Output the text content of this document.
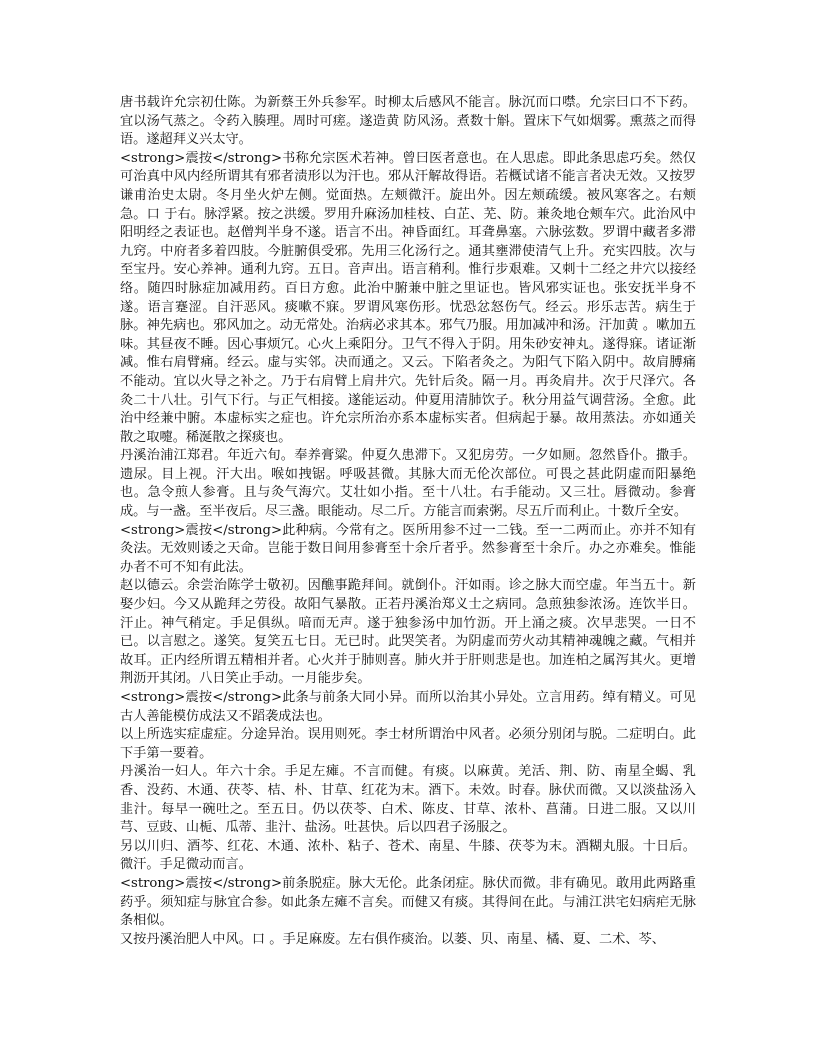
唐书载许允宗初仕陈。为新蔡王外兵参军。时柳太后感风不能言。脉沉而口噤。允宗曰口不下药。宜以汤气蒸之。令药入腠理。周时可瘥。遂造黄 防风汤。煮数十斛。置床下气如烟雾。熏蒸之而得语。遂超拜义兴太守。

<strong>震按</strong>书称允宗医术若神。曾曰医者意也。在人思虑。即此条思虑巧矣。然仅可治真中风内经所谓其有邪者渍形以为汗也。邪从汗解故得语。若概试诸不能言者决无效。又按罗谦甫治史太尉。冬月坐火炉左侧。觉面热。左颊微汗。旋出外。因左颊疏缓。被风寒客之。右颊急。口 于右。脉浮紧。按之洪缓。罗用升麻汤加桂枝、白芷、芜、防。兼灸地仓颊车穴。此治风中阳明经之表证也。赵僧判半身不遂。语言不出。神昏面红。耳聋鼻塞。六脉弦数。罗谓中藏者多滞九窍。中府者多着四肢。今脏腑俱受邪。先用三化汤行之。通其壅滞使清气上升。充实四肢。次与至宝丹。安心养神。通利九窍。五日。音声出。语言稍利。惟行步艰难。又刺十二经之井穴以接经络。随四时脉症加减用药。百日方愈。此治中腑兼中脏之里证也。皆风邪实证也。张安抚半身不遂。语言蹇涩。自汗恶风。痰嗽不寐。罗谓风寒伤形。忧恐忿怒伤气。经云。形乐志苦。病生于脉。神先病也。邪风加之。动无常处。治病必求其本。邪气乃服。用加减冲和汤。汗加黄 。嗽加五味。其昼夜不睡。因心事烦冗。心火上乘阳分。卫气不得入于阴。用朱砂安神丸。遂得寐。诸证渐减。惟右肩臂痛。经云。虚与实邻。决而通之。又云。下陷者灸之。为阳气下陷入阴中。故肩膊痛不能动。宜以火导之补之。乃于右肩臂上肩井穴。先针后灸。隔一月。再灸肩井。次于尺泽穴。各灸二十八壮。引气下行。与正气相接。遂能运动。仲夏用清肺饮子。秋分用益气调营汤。全愈。此治中经兼中腑。本虚标实之症也。许允宗所治亦系本虚标实者。但病起于暴。故用蒸法。亦如通关散之取嚏。稀涎散之探痰也。

丹溪治浦江郑君。年近六旬。奉养膏粱。仲夏久患滞下。又犯房劳。一夕如厕。忽然昏仆。撒手。遗尿。目上视。汗大出。喉如拽锯。呼吸甚微。其脉大而无伦次部位。可畏之甚此阴虚而阳暴绝也。急令煎人参膏。且与灸气海穴。艾壮如小指。至十八壮。右手能动。又三壮。唇微动。参膏成。与一盏。至半夜后。尽三盏。眼能动。尽二斤。方能言而索粥。尽五斤而利止。十数斤全安。

<strong>震按</strong>此种病。今常有之。医所用参不过一二钱。至一二两而止。亦并不知有灸法。无效则诿之天命。岂能于数日间用参膏至十余斤者乎。然参膏至十余斤。办之亦难矣。惟能办者不可不知有此法。

赵以德云。余尝治陈学士敬初。因醮事跪拜间。就倒仆。汗如雨。诊之脉大而空虚。年当五十。新娶少妇。今又从跪拜之劳役。故阳气暴散。正若丹溪治郑义士之病同。急煎独参浓汤。连饮半日。汗止。神气稍定。手足俱纵。喑而无声。遂于独参汤中加竹沥。开上涌之痰。次早悲哭。一日不已。以言慰之。遂笑。复笑五七日。无已时。此哭笑者。为阴虚而劳火动其精神魂魄之藏。气相并故耳。正内经所谓五精相并者。心火并于肺则喜。肺火并于肝则悲是也。加连柏之属泻其火。更增荆沥开其闭。八日笑止手动。一月能步矣。

<strong>震按</strong>此条与前条大同小异。而所以治其小异处。立言用药。绰有精义。可见古人善能模仿成法又不蹈袭成法也。

以上所选实症虚症。分途异治。误用则死。李士材所谓治中风者。必须分别闭与脱。二症明白。此下手第一要着。

丹溪治一妇人。年六十余。手足左瘫。不言而健。有痰。以麻黄。羌活、荆、防、南星全蝎、乳香、没药、木通、茯苓、桔、朴、甘草、红花为末。酒下。未效。时春。脉伏而微。又以淡盐汤入韭汁。每早一碗吐之。至五日。仍以茯苓、白术、陈皮、甘草、浓朴、菖蒲。日进二服。又以川芎、豆豉、山栀、瓜蒂、韭汁、盐汤。吐甚快。后以四君子汤服之。

另以川归、酒芩、红花、木通、浓朴、粘子、苍术、南星、牛膝、茯苓为末。酒糊丸服。十日后。微汗。手足微动而言。

<strong>震按</strong>前条脱症。脉大无伦。此条闭症。脉伏而微。非有确见。敢用此两路重药乎。须知症与脉宜合参。如此条左瘫不言矣。而健又有痰。其得间在此。与浦江洪宅妇病疟无脉条相似。

又按丹溪治肥人中风。口 。手足麻废。左右俱作痰治。以蒌、贝、南星、橘、夏、二术、芩、
